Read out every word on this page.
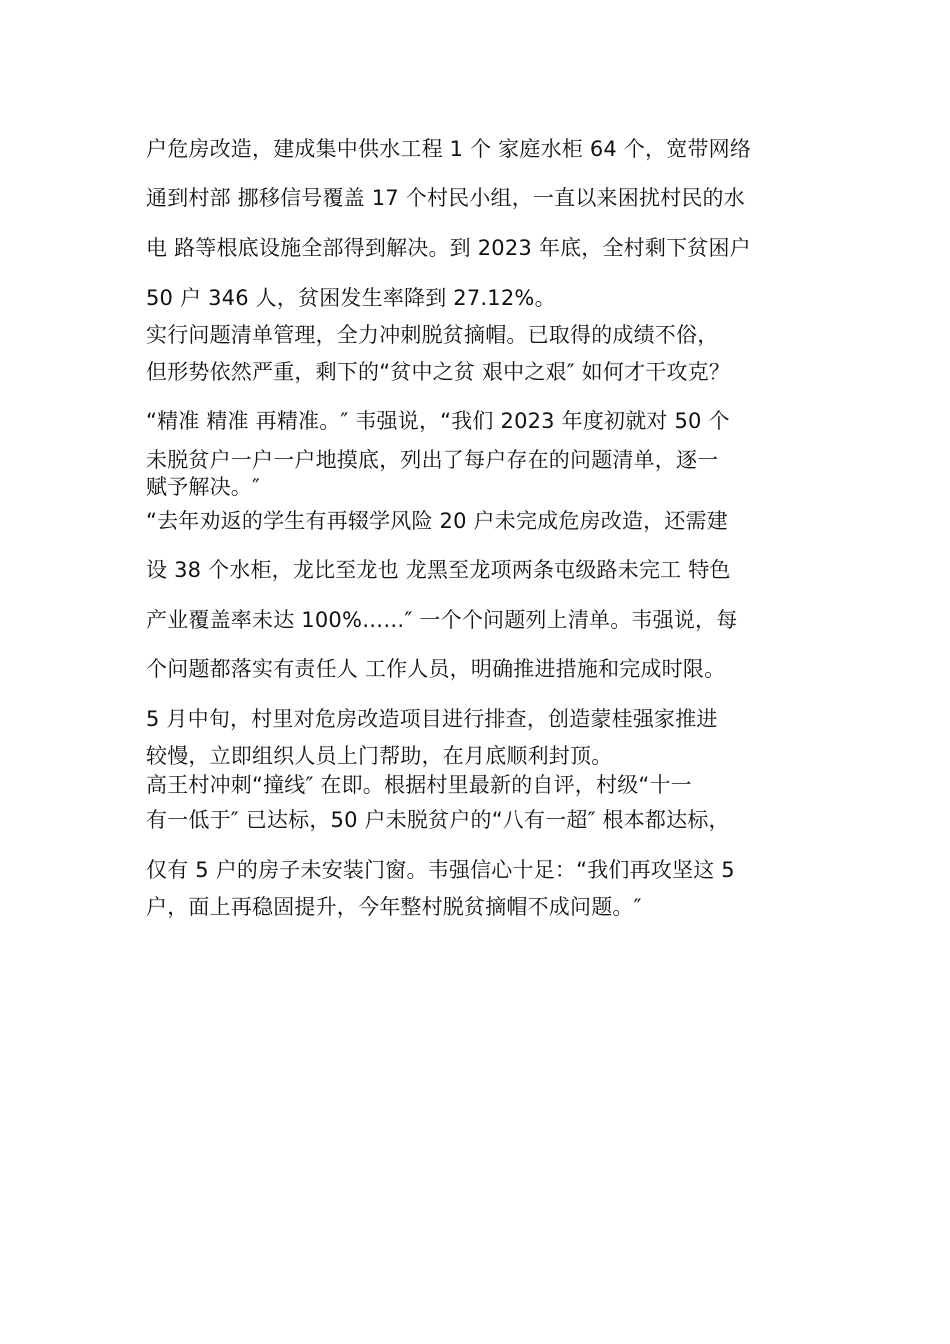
户危房改造，建成集中供水工程 1 个 家庭水柜 64 个，宽带网络
通到村部 挪移信号覆盖 17 个村民小组，一直以来困扰村民的水
电 路等根底设施全部得到解决。到 2023 年底，全村剩下贫困户
50 户 346 人，贫困发生率降到 27.12%。
实行问题清单管理，全力冲刺脱贫摘帽。已取得的成绩不俗，
但形势依然严重，剩下的“贫中之贫 艰中之艰″ 如何才干攻克？
“精准 精准 再精准。″ 韦强说，“我们 2023 年度初就对 50 个
未脱贫户一户一户地摸底，列出了每户存在的问题清单，逐一
赋予解决。″
“去年劝返的学生有再辍学风险 20 户未完成危房改造，还需建
设 38 个水柜，龙比至龙也 龙黑至龙项两条屯级路未完工 特色
产业覆盖率未达 100%……″ 一个个问题列上清单。韦强说，每
个问题都落实有责任人 工作人员，明确推进措施和完成时限。
5 月中旬，村里对危房改造项目进行排查，创造蒙桂强家推进
较慢，立即组织人员上门帮助，在月底顺利封顶。
高王村冲刺“撞线″ 在即。根据村里最新的自评，村级“十一
有一低于″ 已达标，50 户未脱贫户的“八有一超″ 根本都达标，
仅有 5 户的房子未安装门窗。韦强信心十足：“我们再攻坚这 5
户，面上再稳固提升，今年整村脱贫摘帽不成问题。″
